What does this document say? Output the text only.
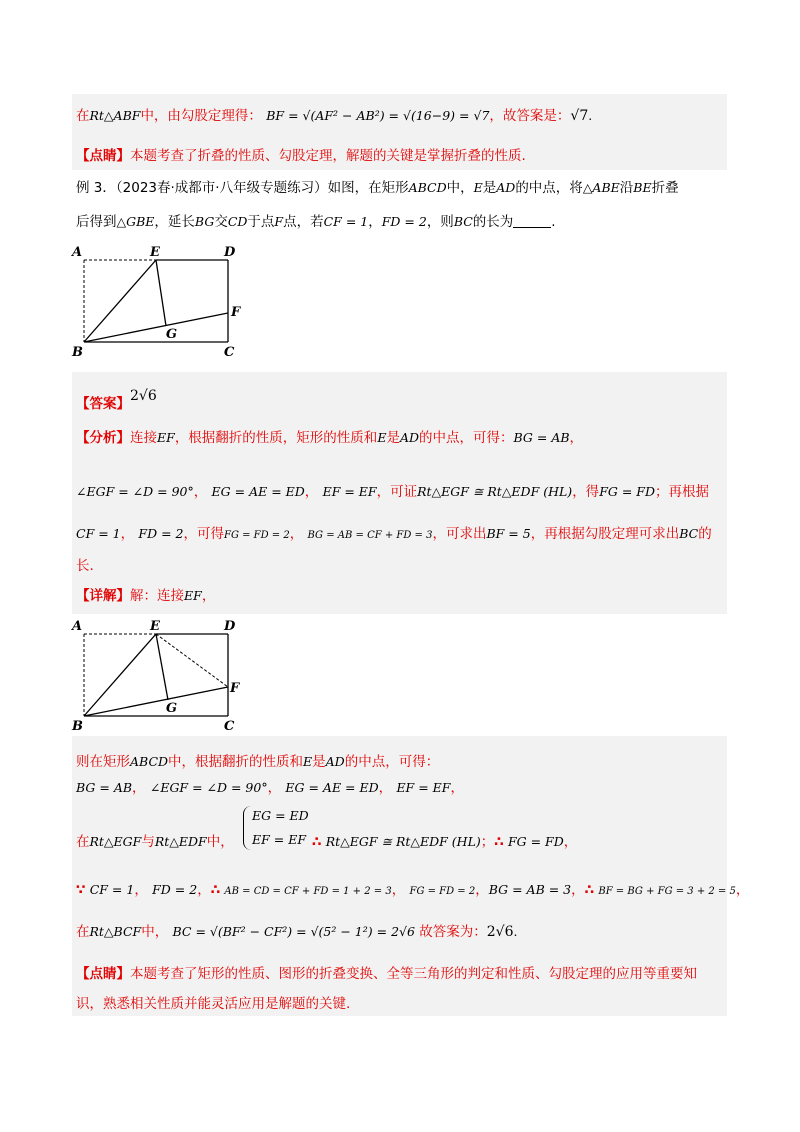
在Rt△ABF中，由勾股定理得： BF = √(AF² − AB²) = √(16−9) = √7，故答案是：√7.
【点睛】本题考查了折叠的性质、勾股定理，解题的关键是掌握折叠的性质.
例 3．（2023春·成都市·八年级专题练习）如图，在矩形ABCD中，E是AD的中点，将△ABE沿BE折叠
后得到△GBE，延长BG交CD于点F点，若CF = 1，FD = 2，则BC的长为	.
A	E	D
F
G
B	C
【答案】2√6
【分析】连接EF，根据翻折的性质，矩形的性质和E是AD的中点，可得：BG = AB，
∠EGF = ∠D = 90°， EG = AE = ED， EF = EF，可证Rt△EGF ≅ Rt△EDF (HL)，得FG = FD；再根据
CF = 1， FD = 2，可得FG = FD = 2， BG = AB = CF + FD = 3，可求出BF = 5，再根据勾股定理可求出BC的
长.
【详解】解：连接EF，
A	E	D
F
G
B	C
则在矩形ABCD中，根据翻折的性质和E是AD的中点，可得：
BG = AB， ∠EGF = ∠D = 90°， EG = AE = ED， EF = EF，
EG = ED
EF = EF
在Rt△EGF与Rt△EDF中，	∴ Rt△EGF ≅ Rt△EDF (HL)；∴ FG = FD，
∵ CF = 1， FD = 2，∴ AB = CD = CF + FD = 1 + 2 = 3， FG = FD = 2，BG = AB = 3，∴ BF = BG + FG = 3 + 2 = 5，
在Rt△BCF中， BC = √(BF² − CF²) = √(5² − 1²) = 2√6 故答案为：2√6.
【点睛】本题考查了矩形的性质、图形的折叠变换、全等三角形的判定和性质、勾股定理的应用等重要知
识，熟悉相关性质并能灵活应用是解题的关键.
